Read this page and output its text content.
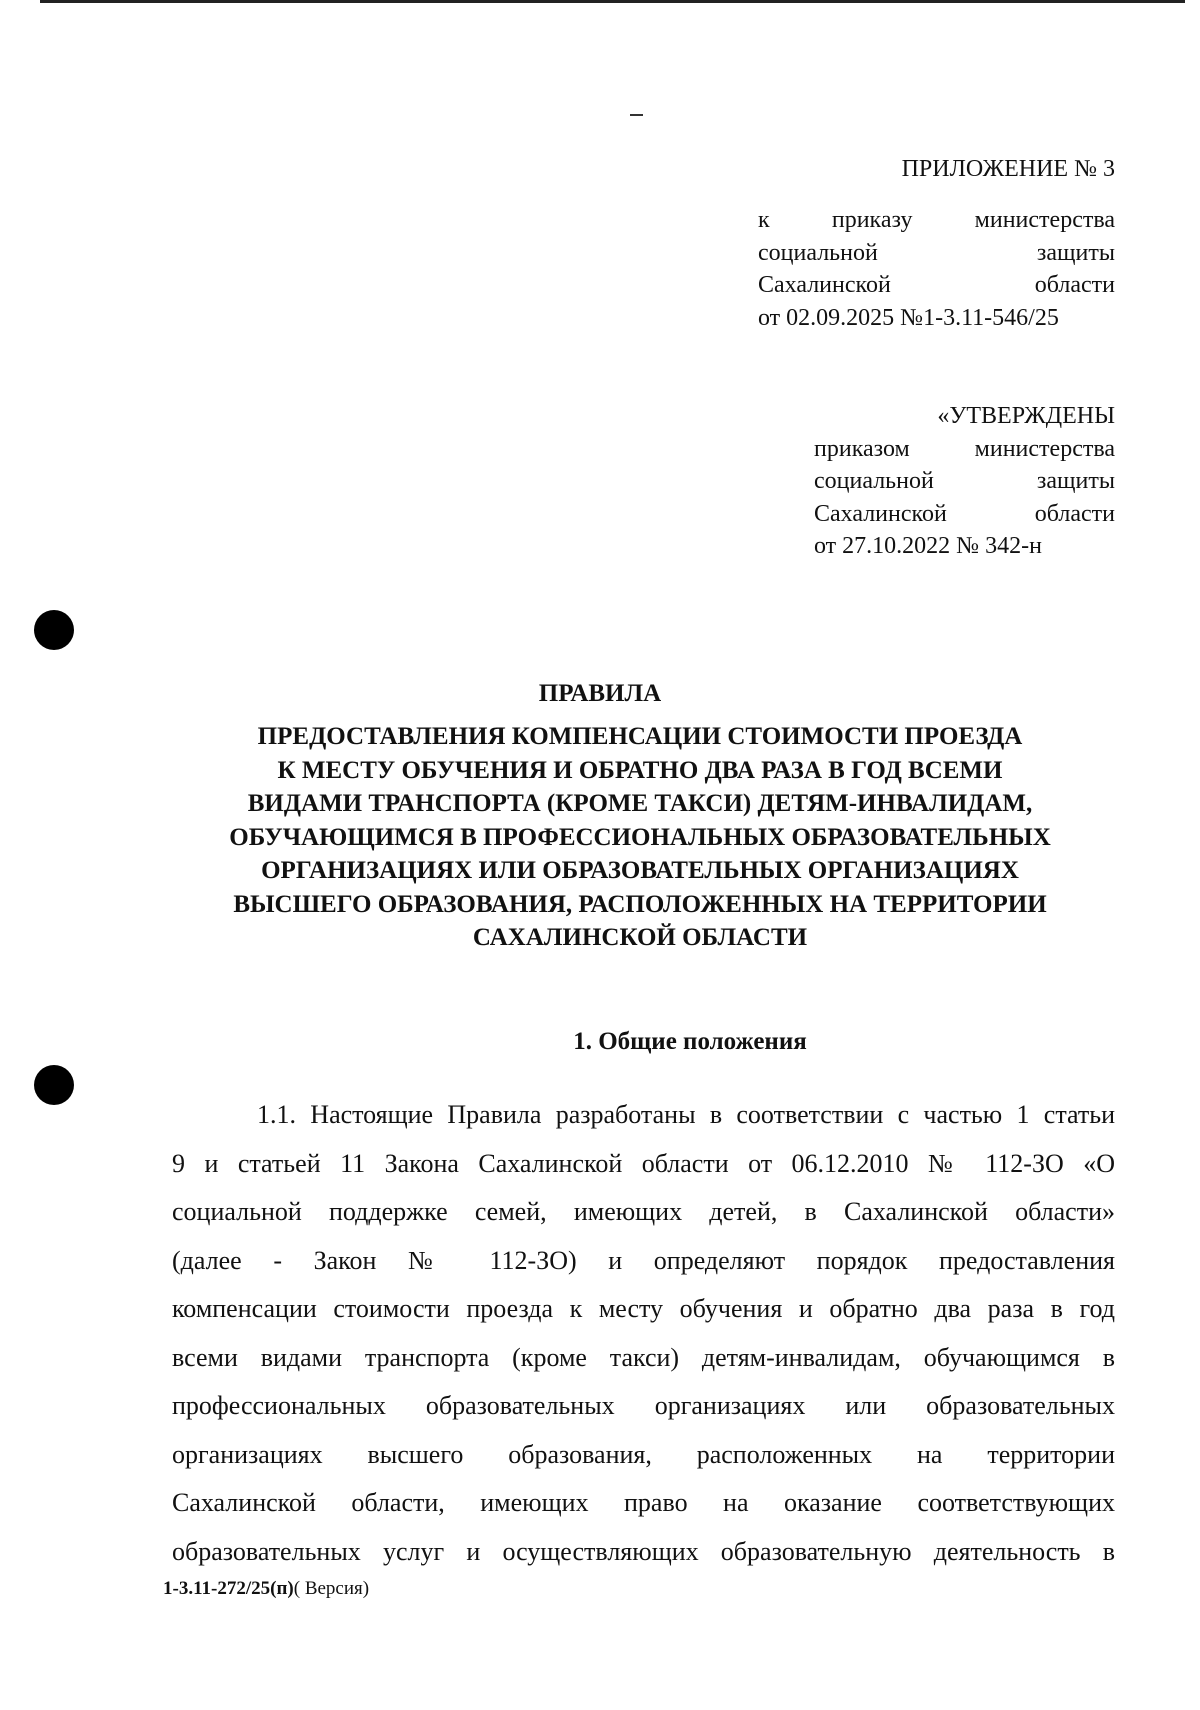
ПРИЛОЖЕНИЕ № 3
к приказу министерства
социальной защиты
Сахалинской области
от 02.09.2025 №1-3.11-546/25
«УТВЕРЖДЕНЫ
приказом министерства
социальной защиты
Сахалинской области
от 27.10.2022 № 342-н
ПРАВИЛА
ПРЕДОСТАВЛЕНИЯ КОМПЕНСАЦИИ СТОИМОСТИ ПРОЕЗДА
К МЕСТУ ОБУЧЕНИЯ И ОБРАТНО ДВА РАЗА В ГОД ВСЕМИ
ВИДАМИ ТРАНСПОРТА (КРОМЕ ТАКСИ) ДЕТЯМ-ИНВАЛИДАМ,
ОБУЧАЮЩИМСЯ В ПРОФЕССИОНАЛЬНЫХ ОБРАЗОВАТЕЛЬНЫХ
ОРГАНИЗАЦИЯХ ИЛИ ОБРАЗОВАТЕЛЬНЫХ ОРГАНИЗАЦИЯХ
ВЫСШЕГО ОБРАЗОВАНИЯ, РАСПОЛОЖЕННЫХ НА ТЕРРИТОРИИ
САХАЛИНСКОЙ ОБЛАСТИ
1. Общие положения
1.1. Настоящие Правила разработаны в соответствии с частью 1 статьи
9 и статьей 11 Закона Сахалинской области от 06.12.2010 № 112-ЗО «О
социальной поддержке семей, имеющих детей, в Сахалинской области»
(далее - Закон № 112-ЗО) и определяют порядок предоставления
компенсации стоимости проезда к месту обучения и обратно два раза в год
всеми видами транспорта (кроме такси) детям-инвалидам, обучающимся в
профессиональных образовательных организациях или образовательных
организациях высшего образования, расположенных на территории
Сахалинской области, имеющих право на оказание соответствующих
образовательных услуг и осуществляющих образовательную деятельность в
1-3.11-272/25(п)( Версия)
